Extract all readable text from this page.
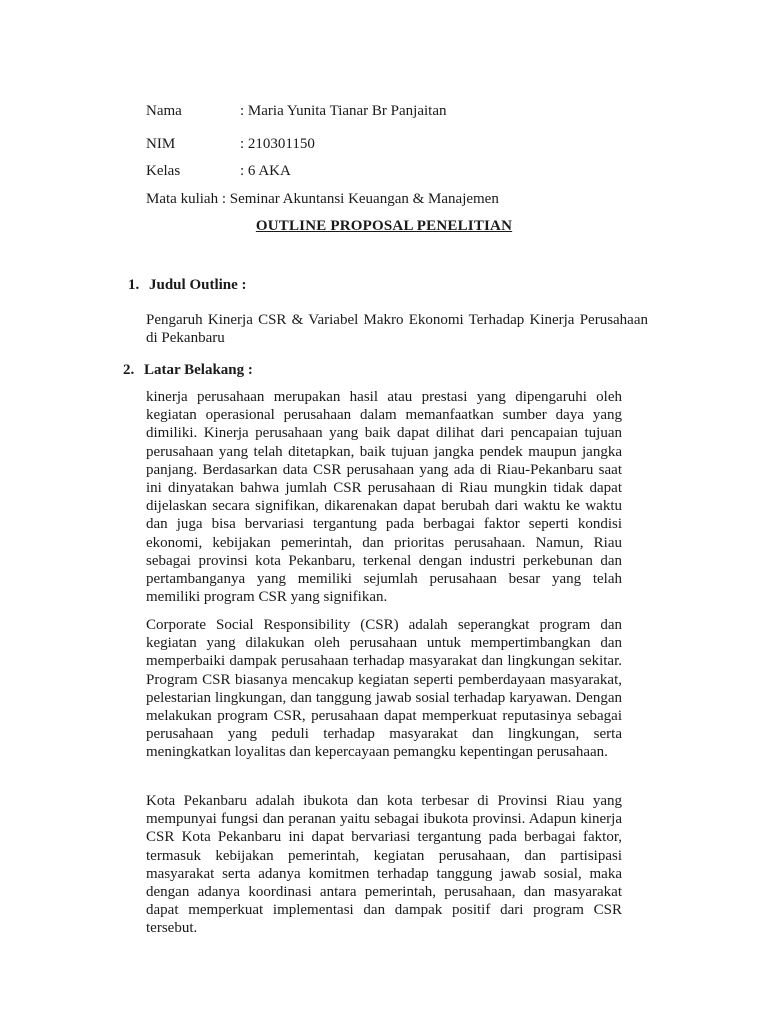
Nama	: Maria Yunita Tianar Br Panjaitan
NIM	: 210301150
Kelas	: 6 AKA
Mata kuliah : Seminar Akuntansi Keuangan & Manajemen
OUTLINE PROPOSAL PENELITIAN
1. Judul Outline :

Pengaruh Kinerja CSR & Variabel Makro Ekonomi Terhadap Kinerja Perusahaan di Pekanbaru

2. Latar Belakang :

kinerja perusahaan merupakan hasil atau prestasi yang dipengaruhi oleh kegiatan operasional perusahaan dalam memanfaatkan sumber daya yang dimiliki. Kinerja perusahaan yang baik dapat dilihat dari pencapaian tujuan perusahaan yang telah ditetapkan, baik tujuan jangka pendek maupun jangka panjang. Berdasarkan data CSR perusahaan yang ada di Riau-Pekanbaru saat ini dinyatakan bahwa jumlah CSR perusahaan di Riau mungkin tidak dapat dijelaskan secara signifikan, dikarenakan dapat berubah dari waktu ke waktu dan juga bisa bervariasi tergantung pada berbagai faktor seperti kondisi ekonomi, kebijakan pemerintah, dan prioritas perusahaan. Namun, Riau sebagai provinsi kota Pekanbaru, terkenal dengan industri perkebunan dan pertambanganya yang memiliki sejumlah perusahaan besar yang telah memiliki program CSR yang signifikan.

Corporate Social Responsibility (CSR) adalah seperangkat program dan kegiatan yang dilakukan oleh perusahaan untuk mempertimbangkan dan memperbaiki dampak perusahaan terhadap masyarakat dan lingkungan sekitar. Program CSR biasanya mencakup kegiatan seperti pemberdayaan masyarakat, pelestarian lingkungan, dan tanggung jawab sosial terhadap karyawan. Dengan melakukan program CSR, perusahaan dapat memperkuat reputasinya sebagai perusahaan yang peduli terhadap masyarakat dan lingkungan, serta meningkatkan loyalitas dan kepercayaan pemangku kepentingan perusahaan.

Kota Pekanbaru adalah ibukota dan kota terbesar di Provinsi Riau yang mempunyai fungsi dan peranan yaitu sebagai ibukota provinsi. Adapun kinerja CSR Kota Pekanbaru ini dapat bervariasi tergantung pada berbagai faktor, termasuk kebijakan pemerintah, kegiatan perusahaan, dan partisipasi masyarakat serta adanya komitmen terhadap tanggung jawab sosial, maka dengan adanya koordinasi antara pemerintah, perusahaan, dan masyarakat dapat memperkuat implementasi dan dampak positif dari program CSR tersebut.
